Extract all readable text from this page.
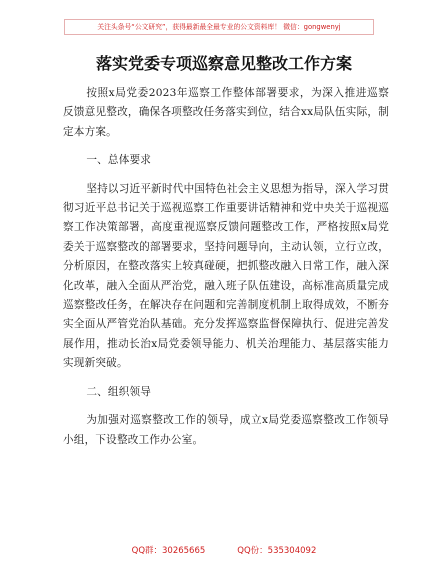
关注头条号“公文研究”，获得最新最全最专业的公文资料库！ 微信：gongwenyj
落实党委专项巡察意见整改工作方案

按照x局党委2023年巡察工作整体部署要求，为深入推进巡察反馈意见整改，确保各项整改任务落实到位，结合xx局队伍实际，制定本方案。

一、总体要求

坚持以习近平新时代中国特色社会主义思想为指导，深入学习贯彻习近平总书记关于巡视巡察工作重要讲话精神和党中央关于巡视巡察工作决策部署，高度重视巡察反馈问题整改工作，严格按照x局党委关于巡察整改的部署要求，坚持问题导向，主动认领，立行立改，分析原因，在整改落实上较真碰硬，把抓整改融入日常工作，融入深化改革，融入全面从严治党，融入班子队伍建设，高标准高质量完成巡察整改任务，在解决存在问题和完善制度机制上取得成效，不断夯实全面从严管党治队基础。充分发挥巡察监督保障执行、促进完善发展作用，推动长治x局党委领导能力、机关治理能力、基层落实能力实现新突破。

二、组织领导

为加强对巡察整改工作的领导，成立x局党委巡察整改工作领导小组，下设整改工作办公室。

QQ群：30265665	QQ份：535304092
